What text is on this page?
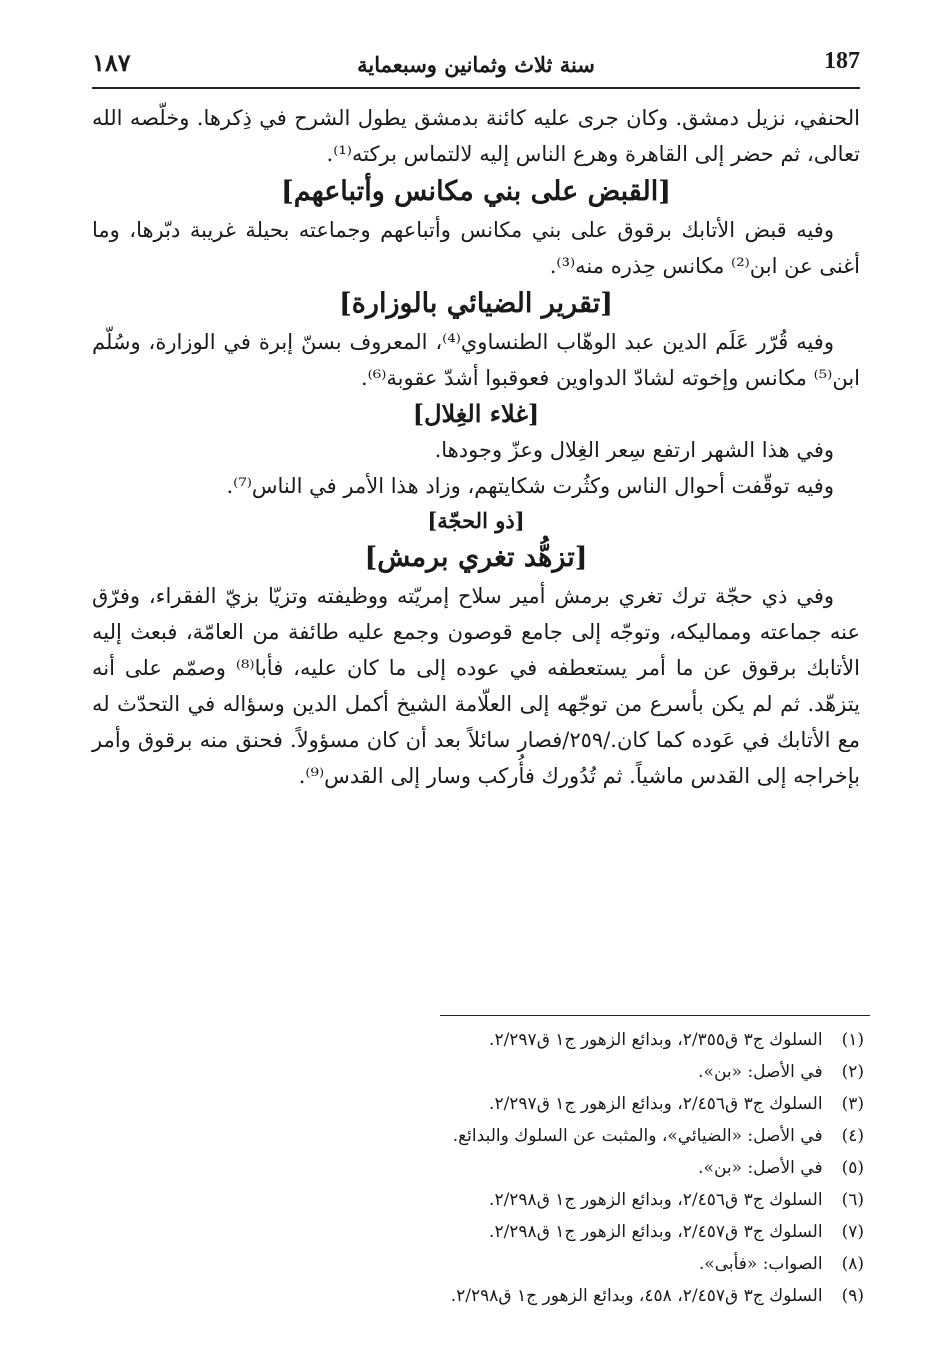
١٨٧	سنة ثلاث وثمانين وسبعماية	187

الحنفي، نزيل دمشق. وكان جرى عليه كائنة بدمشق يطول الشرح في ذِكرها. وخلّصه الله تعالى، ثم حضر إلى القاهرة وهرع الناس إليه لالتماس بركته⁽¹⁾.

[القبض على بني مكانس وأتباعهم]

وفيه قبض الأتابك برقوق على بني مكانس وأتباعهم وجماعته بحيلة غريبة دبّرها، وما أغنى عن ابن⁽²⁾ مكانس حِذره منه⁽³⁾.

[تقرير الضيائي بالوزارة]

وفيه قُرّر عَلَم الدين عبد الوهّاب الطنساوي⁽⁴⁾، المعروف بسنّ إبرة في الوزارة، وسُلّم ابن⁽⁵⁾ مكانس وإخوته لشادّ الدواوين فعوقبوا أشدّ عقوبة⁽⁶⁾.

[غلاء الغِلال]

وفي هذا الشهر ارتفع سِعر الغِلال وعزّ وجودها.

وفيه توقّفت أحوال الناس وكثُرت شكايتهم، وزاد هذا الأمر في الناس⁽⁷⁾.

[ذو الحجّة]

[تزهُّد تغري برمش]

وفي ذي حجّة ترك تغري برمش أمير سلاح إمريّته ووظيفته وتزيّا بزيّ الفقراء، وفرّق عنه جماعته ومماليكه، وتوجّه إلى جامع قوصون وجمع عليه طائفة من العامّة، فبعث إليه الأتابك برقوق عن ما أمر يستعطفه في عوده إلى ما كان عليه، فأبا⁽⁸⁾ وصمّم على أنه يتزهّد. ثم لم يكن بأسرع من توجّهه إلى العلّامة الشيخ أكمل الدين وسؤاله في التحدّث له مع الأتابك في عَوده كما كان./٢٥٩/فصار سائلاً بعد أن كان مسؤولاً. فحنق منه برقوق وأمر بإخراجه إلى القدس ماشياً. ثم تُدُورك فأُركب وسار إلى القدس⁽⁹⁾.

(١) السلوك ج٣ ق٢/٣٥٥، وبدائع الزهور ج١ ق٢/٢٩٧.

(٢) في الأصل: «بن».

(٣) السلوك ج٣ ق٢/٤٥٦، وبدائع الزهور ج١ ق٢/٢٩٧.

(٤) في الأصل: «الضيائي»، والمثبت عن السلوك والبدائع.

(٥) في الأصل: «بن».

(٦) السلوك ج٣ ق٢/٤٥٦، وبدائع الزهور ج١ ق٢/٢٩٨.

(٧) السلوك ج٣ ق٢/٤٥٧، وبدائع الزهور ج١ ق٢/٢٩٨.

(٨) الصواب: «فأبى».

(٩) السلوك ج٣ ق٢/٤٥٧، ٤٥٨، وبدائع الزهور ج١ ق٢/٢٩٨.
